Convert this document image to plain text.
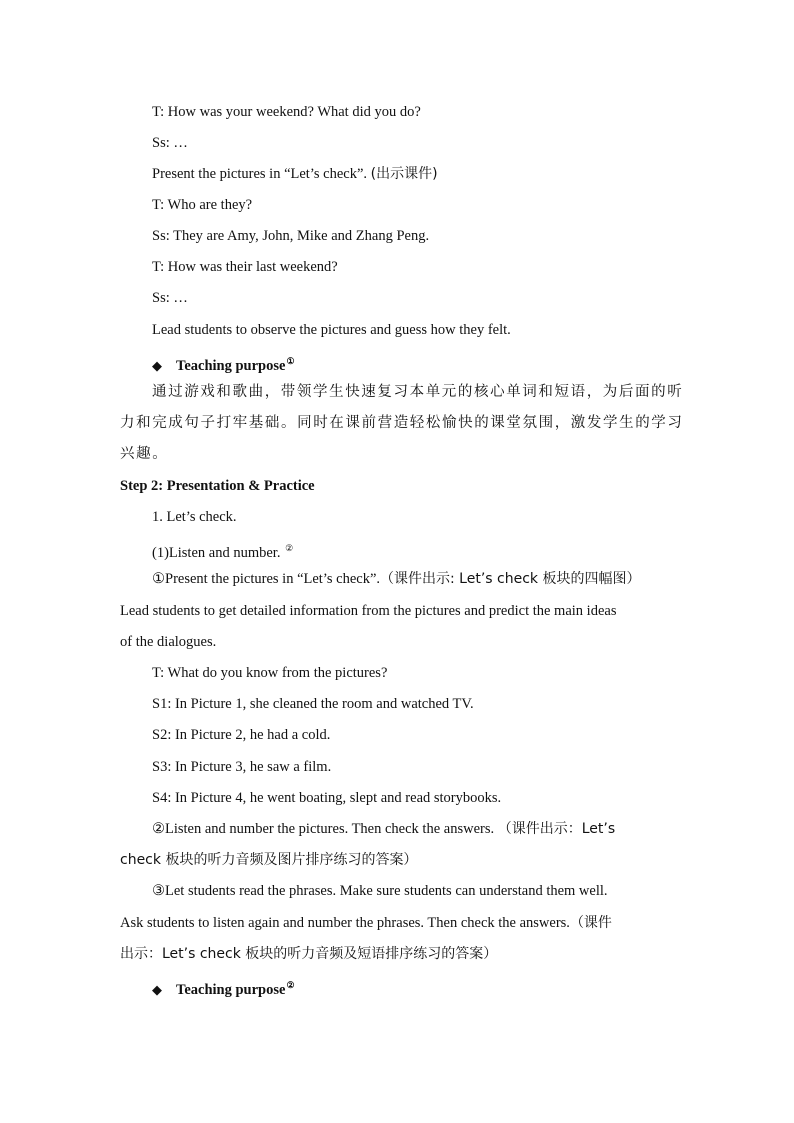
T: How was your weekend? What did you do?
Ss: …
Present the pictures in “Let’s check”. (出示课件)
T: Who are they?
Ss: They are Amy, John, Mike and Zhang Peng.
T: How was their last weekend?
Ss: …
Lead students to observe the pictures and guess how they felt.
◆ Teaching purpose①
通过游戏和歌曲，带领学生快速复习本单元的核心单词和短语，为后面的听
力和完成句子打牢基础。同时在课前营造轻松愉快的课堂氛围，激发学生的学习
兴趣。
Step 2: Presentation & Practice
1. Let’s check.
(1)Listen and number. ②
①Present the pictures in “Let’s check”.（课件出示: Let’s check 板块的四幅图）
Lead students to get detailed information from the pictures and predict the main ideas
of the dialogues.
T: What do you know from the pictures?
S1: In Picture 1, she cleaned the room and watched TV.
S2: In Picture 2, he had a cold.
S3: In Picture 3, he saw a film.
S4: In Picture 4, he went boating, slept and read storybooks.
②Listen and number the pictures. Then check the answers. （课件出示：Let’s
check 板块的听力音频及图片排序练习的答案）
③Let students read the phrases. Make sure students can understand them well.
Ask students to listen again and number the phrases. Then check the answers.（课件
出示：Let’s check 板块的听力音频及短语排序练习的答案）
◆ Teaching purpose②
